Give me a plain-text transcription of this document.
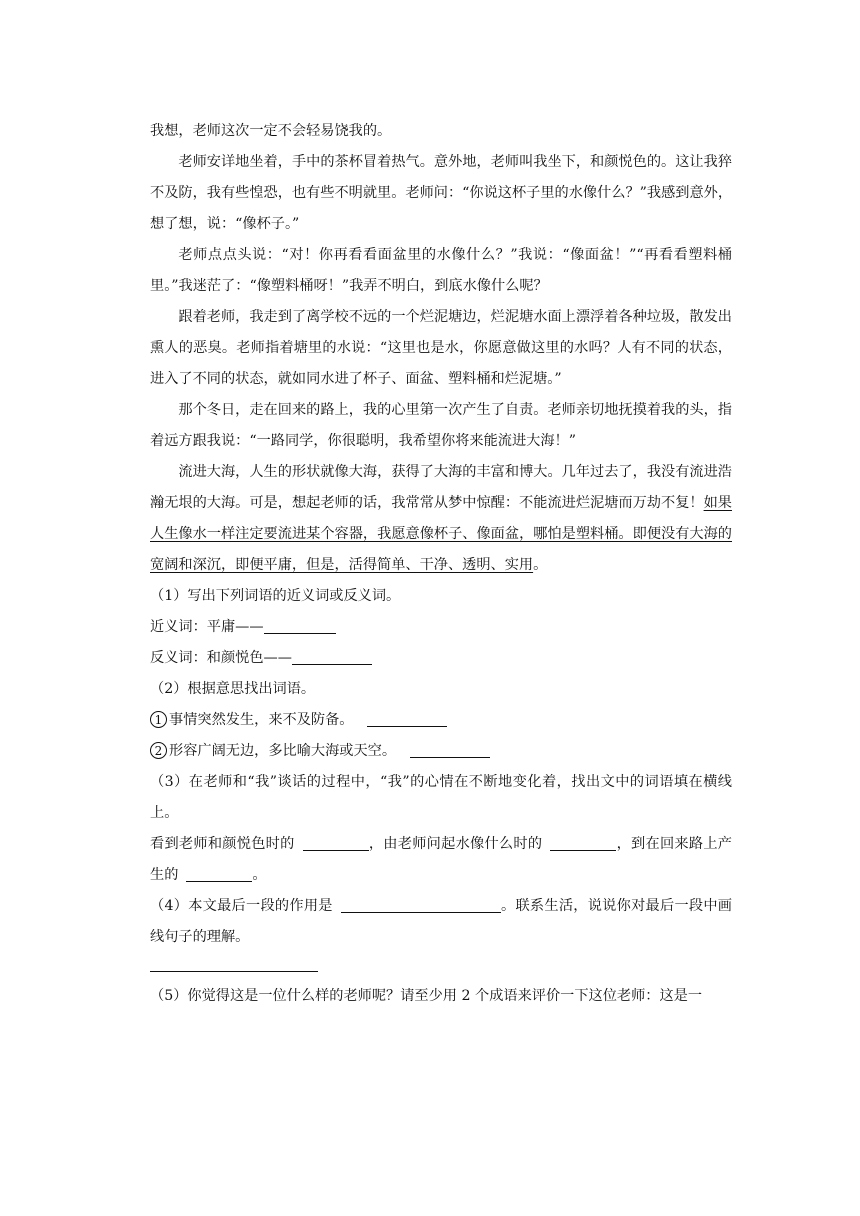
我想，老师这次一定不会轻易饶我的。

老师安详地坐着，手中的茶杯冒着热气。意外地，老师叫我坐下，和颜悦色的。这让我猝不及防，我有些惶恐，也有些不明就里。老师问：“你说这杯子里的水像什么？”我感到意外，想了想，说：“像杯子。”

老师点点头说：“对！你再看看面盆里的水像什么？”我说：“像面盆！”“再看看塑料桶里。”我迷茫了：“像塑料桶呀！”我弄不明白，到底水像什么呢？

跟着老师，我走到了离学校不远的一个烂泥塘边，烂泥塘水面上漂浮着各种垃圾，散发出熏人的恶臭。老师指着塘里的水说：“这里也是水，你愿意做这里的水吗？人有不同的状态，进入了不同的状态，就如同水进了杯子、面盆、塑料桶和烂泥塘。”

那个冬日，走在回来的路上，我的心里第一次产生了自责。老师亲切地抚摸着我的头，指着远方跟我说：“一路同学，你很聪明，我希望你将来能流进大海！”

流进大海，人生的形状就像大海，获得了大海的丰富和博大。几年过去了，我没有流进浩瀚无垠的大海。可是，想起老师的话，我常常从梦中惊醒：不能流进烂泥塘而万劫不复！如果人生像水一样注定要流进某个容器，我愿意像杯子、像面盆，哪怕是塑料桶。即便没有大海的宽阔和深沉，即便平庸，但是，活得简单、干净、透明、实用。

（1）写出下列词语的近义词或反义词。

近义词：平庸——

反义词：和颜悦色——

（2）根据意思找出词语。

1 事情突然发生，来不及防备。

2 形容广阔无边，多比喻大海或天空。

（3）在老师和“我”谈话的过程中，“我”的心情在不断地变化着，找出文中的词语填在横线上。

看到老师和颜悦色时的	，由老师问起水像什么时的	，到在回来路上产生的	。

（4）本文最后一段的作用是	。联系生活，说说你对最后一段中画线句子的理解。

（5）你觉得这是一位什么样的老师呢？请至少用 2 个成语来评价一下这位老师：这是一
